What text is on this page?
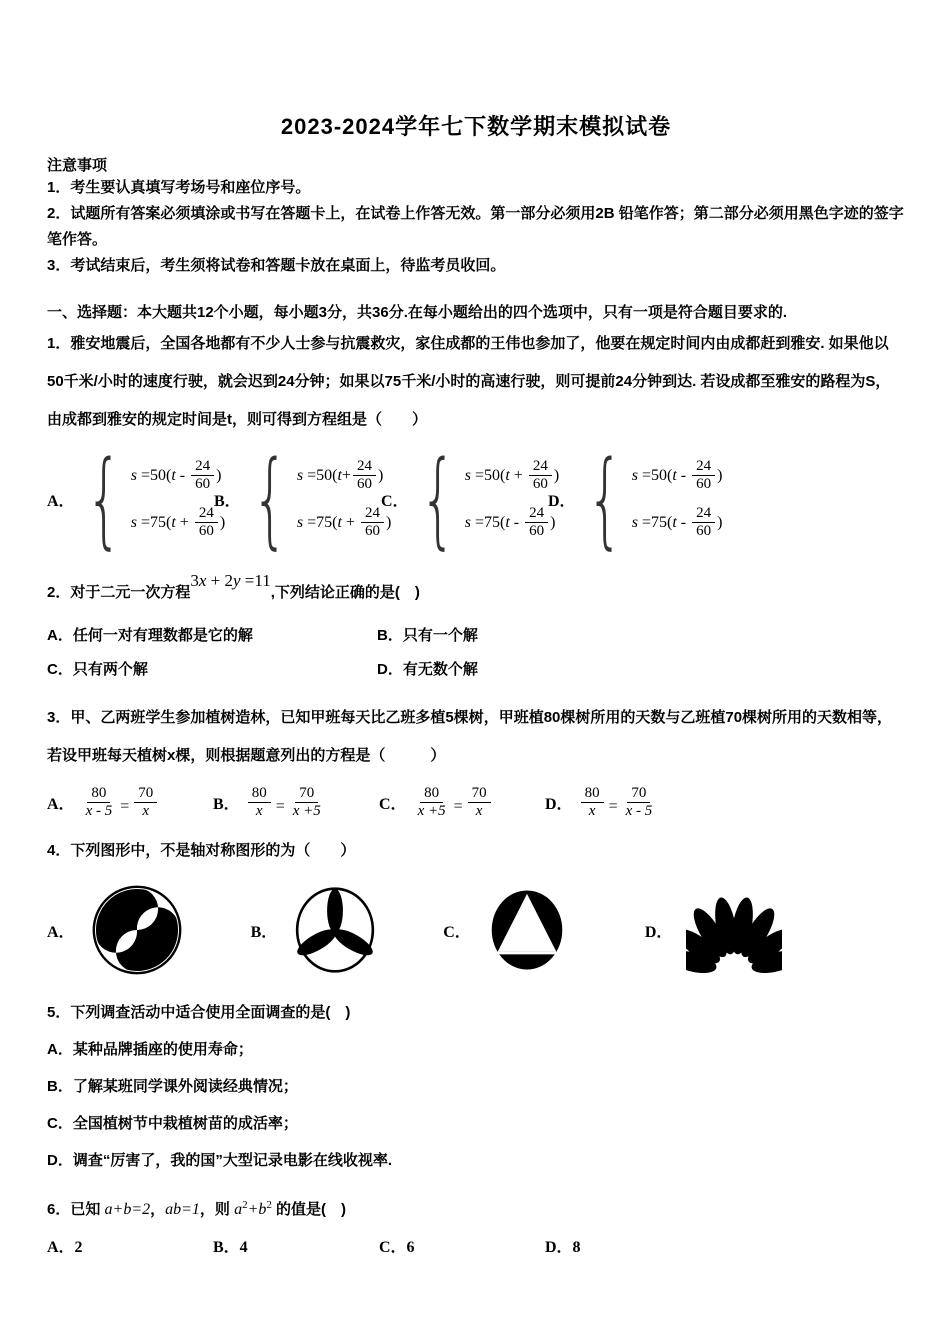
2023-2024学年七下数学期末模拟试卷
注意事项
1．考生要认真填写考场号和座位序号。
2．试题所有答案必须填涂或书写在答题卡上，在试卷上作答无效。第一部分必须用2B 铅笔作答；第二部分必须用黑色字迹的签字笔作答。
3．考试结束后，考生须将试卷和答题卡放在桌面上，待监考员收回。
一、选择题：本大题共12个小题，每小题3分，共36分.在每小题给出的四个选项中，只有一项是符合题目要求的.
1．雅安地震后，全国各地都有不少人士参与抗震救灾，家住成都的王伟也参加了，他要在规定时间内由成都赶到雅安. 如果他以50千米/小时的速度行驶，就会迟到24分钟；如果以75千米/小时的高速行驶，则可提前24分钟到达. 若设成都至雅安的路程为S，由成都到雅安的规定时间是t，则可得到方程组是（　　）
A． { s =50( t - $\frac{24}{60}$ )
s =75( $t + \frac{24}{60}$ )
B． { s =50( $t + \frac{24}{60}$ )
s =75( $t + \frac{24}{60}$ )
C． { s =50( $t + \frac{24}{60}$ )
s =75( t - $\frac{24}{60}$ )
D． { s =50( t - $\frac{24}{60}$ )
s =75( t - $\frac{24}{60}$ )
2．对于二元一次方程3x + 2y =11,下列结论正确的是(　)
A．任何一对有理数都是它的解	B．只有一个解
C．只有两个解	D．有无数个解
3．甲、乙两班学生参加植树造林，已知甲班每天比乙班多植5棵树，甲班植80棵树所用的天数与乙班植70棵树所用的天数相等，若设甲班每天植树x棵，则根据题意列出的方程是（　　　）
A． $\frac{80}{x - 5} = \frac{70}{x}$	B． $\frac{80}{x} = \frac{70}{x +5}$	C． $\frac{80}{x +5} = \frac{70}{x}$	D． $\frac{80}{x} = \frac{70}{x - 5}$
4．下列图形中，不是轴对称图形的为（　　）
A．	B．	C．	D．
5．下列调查活动中适合使用全面调查的是(　)
A．某种品牌插座的使用寿命；
B．了解某班同学课外阅读经典情况；
C．全国植树节中栽植树苗的成活率；
D．调查“厉害了，我的国”大型记录电影在线收视率.
6．已知 a+b=2，ab=1，则 $a^2+b^2$ 的值是(　)
A．2	B．4	C．6	D．8
